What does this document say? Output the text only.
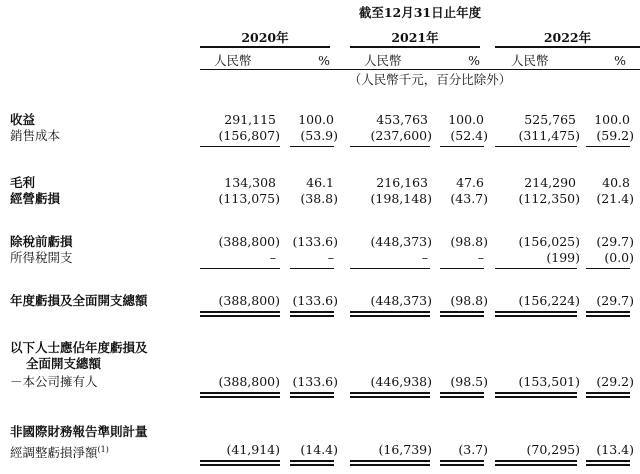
截至12月31日止年度
2020年	2021年	2022年
人民幣	%	人民幣	% 人民幣	%
（人民幣千元，百分比除外）
收益	291,115	100.0	453,763	100.0	525,765	100.0
銷售成本	(156,807)	(53.9)	(237,600)	(52.4)	(311,475)	(59.2)
毛利	134,308	46.1	216,163	47.6	214,290	40.8
經營虧損	(113,075)	(38.8)	(198,148)	(43.7)	(112,350)	(21.4)
除稅前虧損	(388,800) (133.6)	(448,373)	(98.8)	(156,025)	(29.7)
所得稅開支	–	–	–	–	(199)	(0.0)
年度虧損及全面開支總額	(388,800) (133.6)	(448,373)	(98.8)	(156,224)	(29.7)
以下人士應佔年度虧損及
全面開支總額
－本公司擁有人	(388,800) (133.6)	(446,938)	(98.5)	(153,501)	(29.2)
非國際財務報告準則計量
經調整虧損淨額$^{(1)}$	(41,914)	(14.4)	(16,739)	(3.7)	(70,295)	(13.4)
